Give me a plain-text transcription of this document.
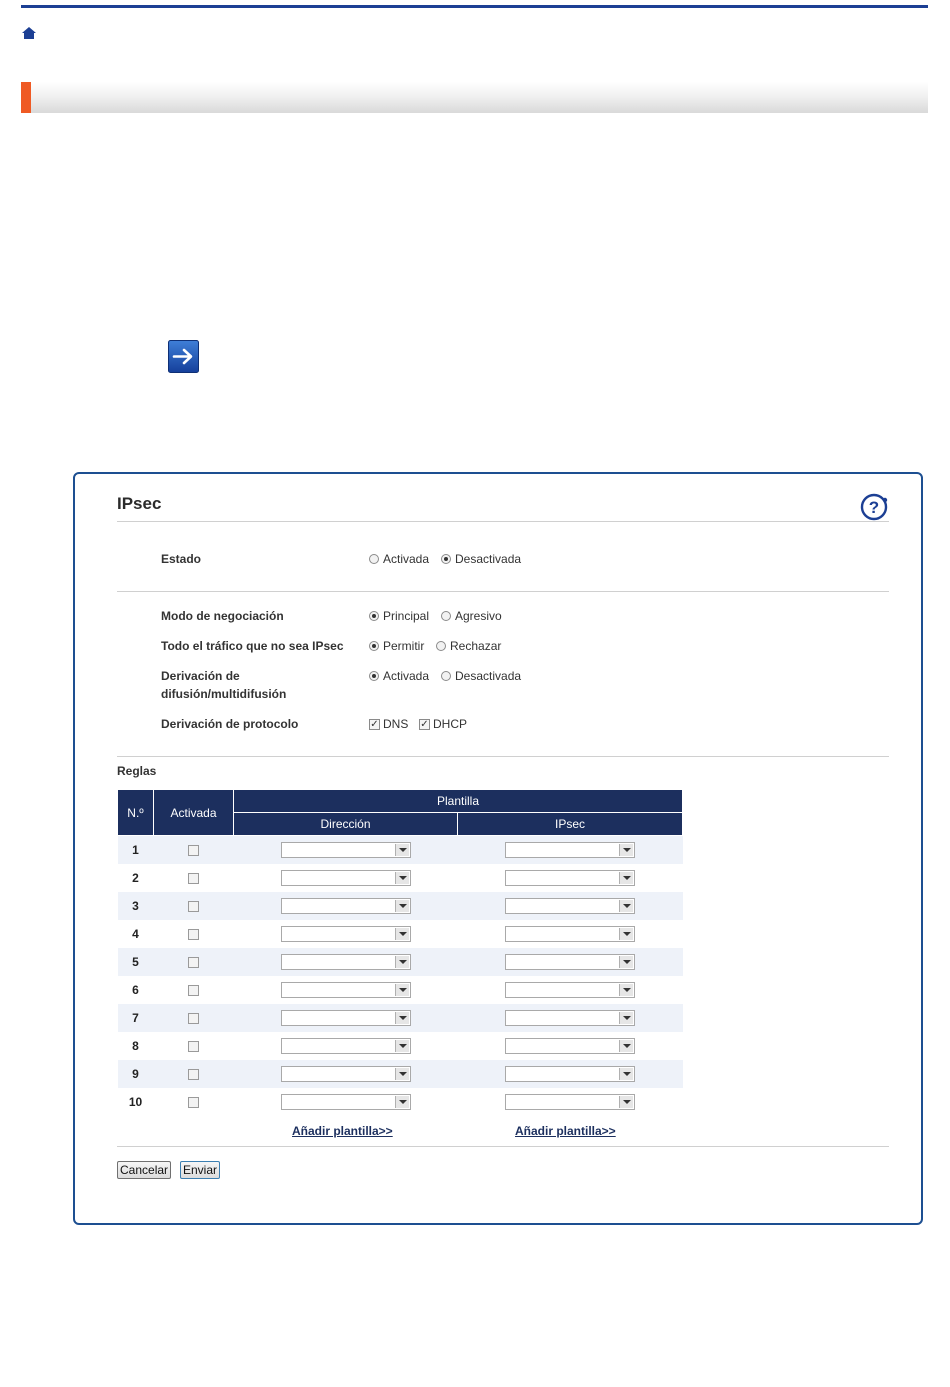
IPsec	?
Estado	Activada Desactivada
Modo de negociación	Principal Agresivo
Todo el tráfico que no sea IPsec	Permitir Rechazar
Derivación de
difusión/multidifusión
Activada Desactivada
Derivación de protocolo	✓ DNS ✓ DHCP
Reglas
N.º	Activada	Plantilla	
		Dirección	IPsec
1		

2		

3		

4		

5		

6		

7		

8		

9		

10		

Añadir plantilla>>	Añadir plantilla>>
Cancelar Enviar
